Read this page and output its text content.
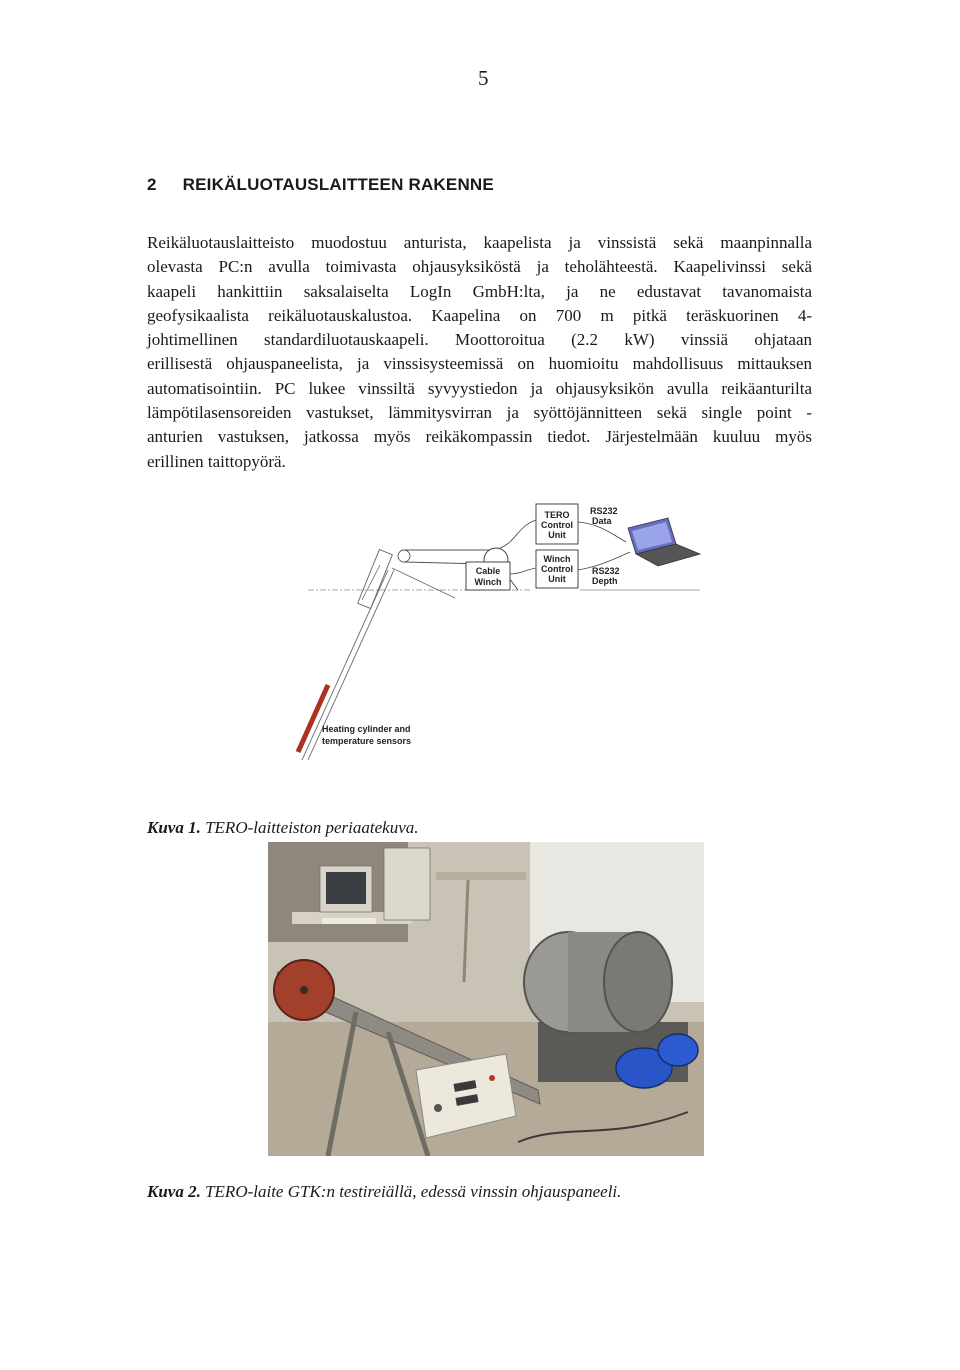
5
2 REIKÄLUOTAUSLAITTEEN RAKENNE

Reikäluotauslaitteisto muodostuu anturista, kaapelista ja vinssistä sekä maanpinnalla
olevasta PC:n avulla toimivasta ohjausyksiköstä ja teholähteestä. Kaapelivinssi sekä
kaapeli hankittiin saksalaiselta LogIn GmbH:lta, ja ne edustavat tavanomaista
geofysikaalista reikäluotauskalustoa. Kaapelina on 700 m pitkä teräskuorinen 4-
johtimellinen standardiluotauskaapeli. Moottoroitua (2.2 kW) vinssiä ohjataan
erillisestä ohjauspaneelista, ja vinssisysteemissä on huomioitu mahdollisuus mittauksen
automatisointiin. PC lukee vinssiltä syvyystiedon ja ohjausyksikön avulla reikäanturilta
lämpötilasensoreiden vastukset, lämmitysvirran ja syöttöjännitteen sekä single point -
anturien vastuksen, jatkossa myös reikäkompassin tiedot. Järjestelmään kuuluu myös
erillinen taittopyörä.

TERO
Control
Unit
Winch
Control
Unit
Cable
Winch
RS232
Data
RS232
Depth
Heating cylinder and
temperature sensors
Kuva 1. TERO-laitteiston periaatekuva.
Kuva 2. TERO-laite GTK:n testireiällä, edessä vinssin ohjauspaneeli.
